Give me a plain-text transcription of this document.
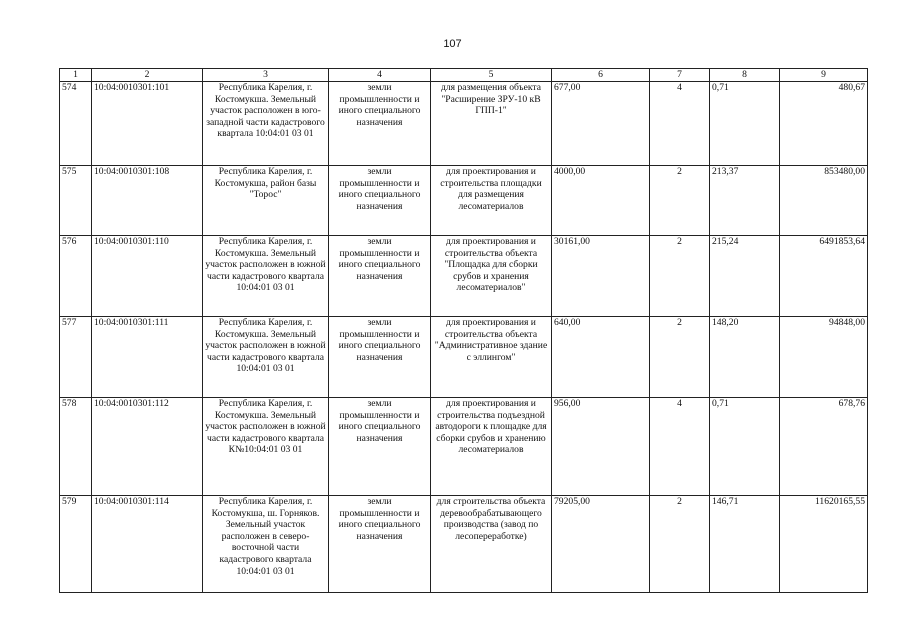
107
1	2	3	4	5	6	7	8	9
574	10:04:0010301:101	Республика Карелия, г. Костомукша. Земельный участок расположен в юго-западной части кадастрового квартала 10:04:01 03 01	земли промышленности и иного специального назначения	для размещения объекта "Расширение ЗРУ-10 кВ ГПП-1"	677,00	4	0,71	480,67
575	10:04:0010301:108	Республика Карелия, г. Костомукша, район базы "Торос"	земли промышленности и иного специального назначения	для проектирования и строительства площадки для размещения лесоматериалов	4000,00	2	213,37	853480,00
576	10:04:0010301:110	Республика Карелия, г. Костомукша. Земельный участок расположен в южной части кадастрового квартала 10:04:01 03 01	земли промышленности и иного специального назначения	для проектирования и строительства объекта "Площадка для сборки срубов и хранения лесоматериалов"	30161,00	2	215,24	6491853,64
577	10:04:0010301:111	Республика Карелия, г. Костомукша. Земельный участок расположен в южной части кадастрового квартала 10:04:01 03 01	земли промышленности и иного специального назначения	для проектирования и строительства объекта "Административное здание с эллингом"	640,00	2	148,20	94848,00
578	10:04:0010301:112	Республика Карелия, г. Костомукша. Земельный участок расположен в южной части кадастрового квартала К№10:04:01 03 01	земли промышленности и иного специального назначения	для проектирования и строительства подъездной автодороги к площадке для сборки срубов и хранению лесоматериалов	956,00	4	0,71	678,76
579	10:04:0010301:114	Республика Карелия, г. Костомукша, ш. Горняков. Земельный участок расположен в северо-восточной части кадастрового квартала 10:04:01 03 01	земли промышленности и иного специального назначения	для строительства объекта деревообрабатывающего производства (завод по лесопереработке)	79205,00	2	146,71	11620165,55
